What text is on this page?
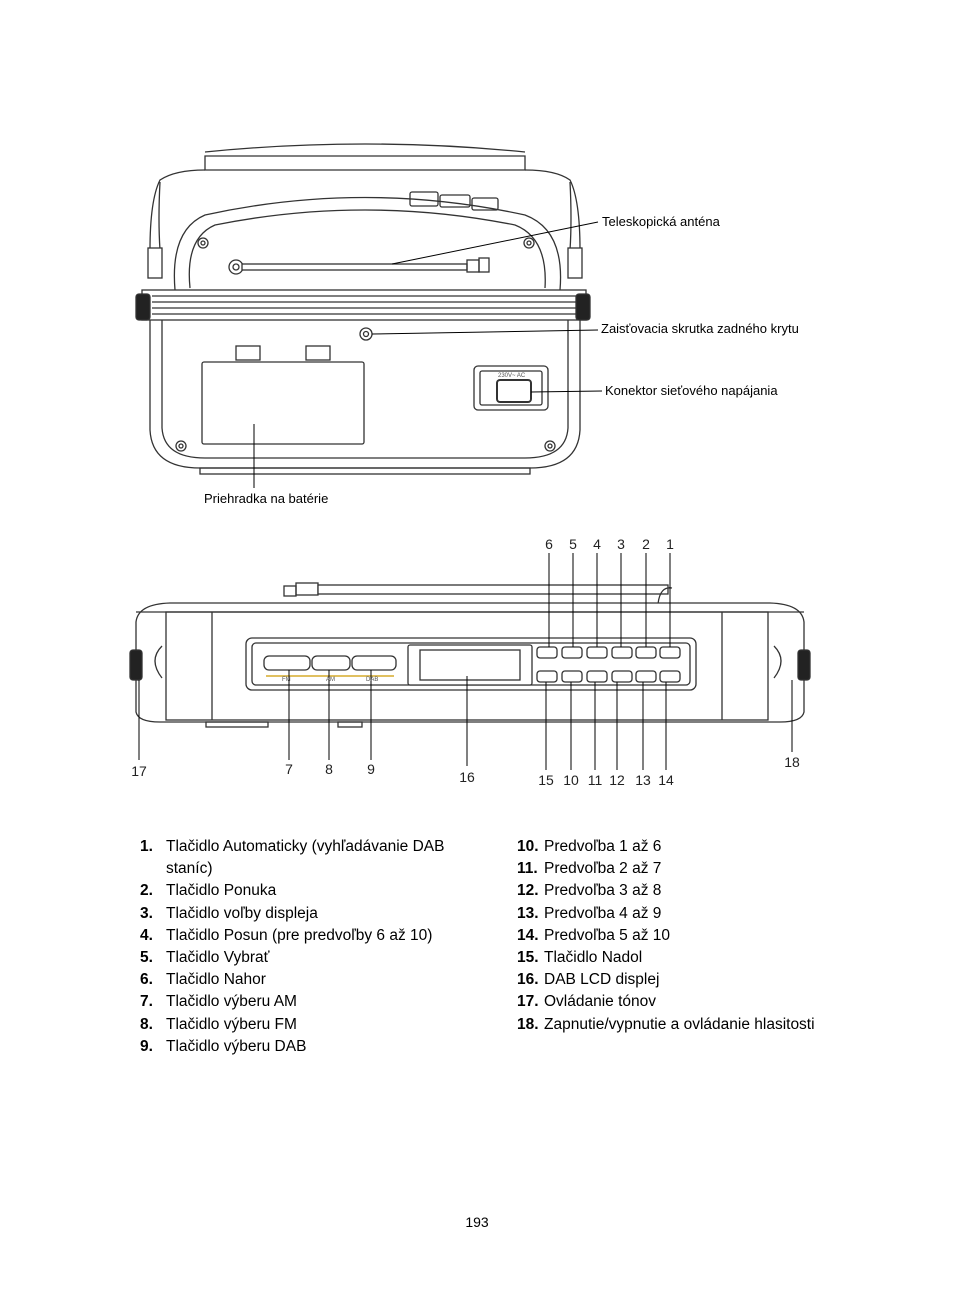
230V~ AC
Teleskopická anténa
Zaisťovacia skrutka zadného krytu
Konektor sieťového napájania
Priehradka na batérie
6 5 4 3 2 1
17	7 8 9	16	15 10 11 12 13 14
18
FM	AM	DAB
1. Tlačidlo Automaticky (vyhľadávanie DAB staníc)
2. Tlačidlo Ponuka
3. Tlačidlo voľby displeja
4. Tlačidlo Posun (pre predvoľby 6 až 10)
5. Tlačidlo Vybrať
6. Tlačidlo Nahor
7. Tlačidlo výberu AM
8. Tlačidlo výberu FM
9. Tlačidlo výberu DAB
10. Predvoľba 1 až 6
11. Predvoľba 2 až 7
12. Predvoľba 3 až 8
13. Predvoľba 4 až 9
14. Predvoľba 5 až 10
15. Tlačidlo Nadol
16. DAB LCD displej
17. Ovládanie tónov
18. Zapnutie/vypnutie a ovládanie hlasitosti
193
